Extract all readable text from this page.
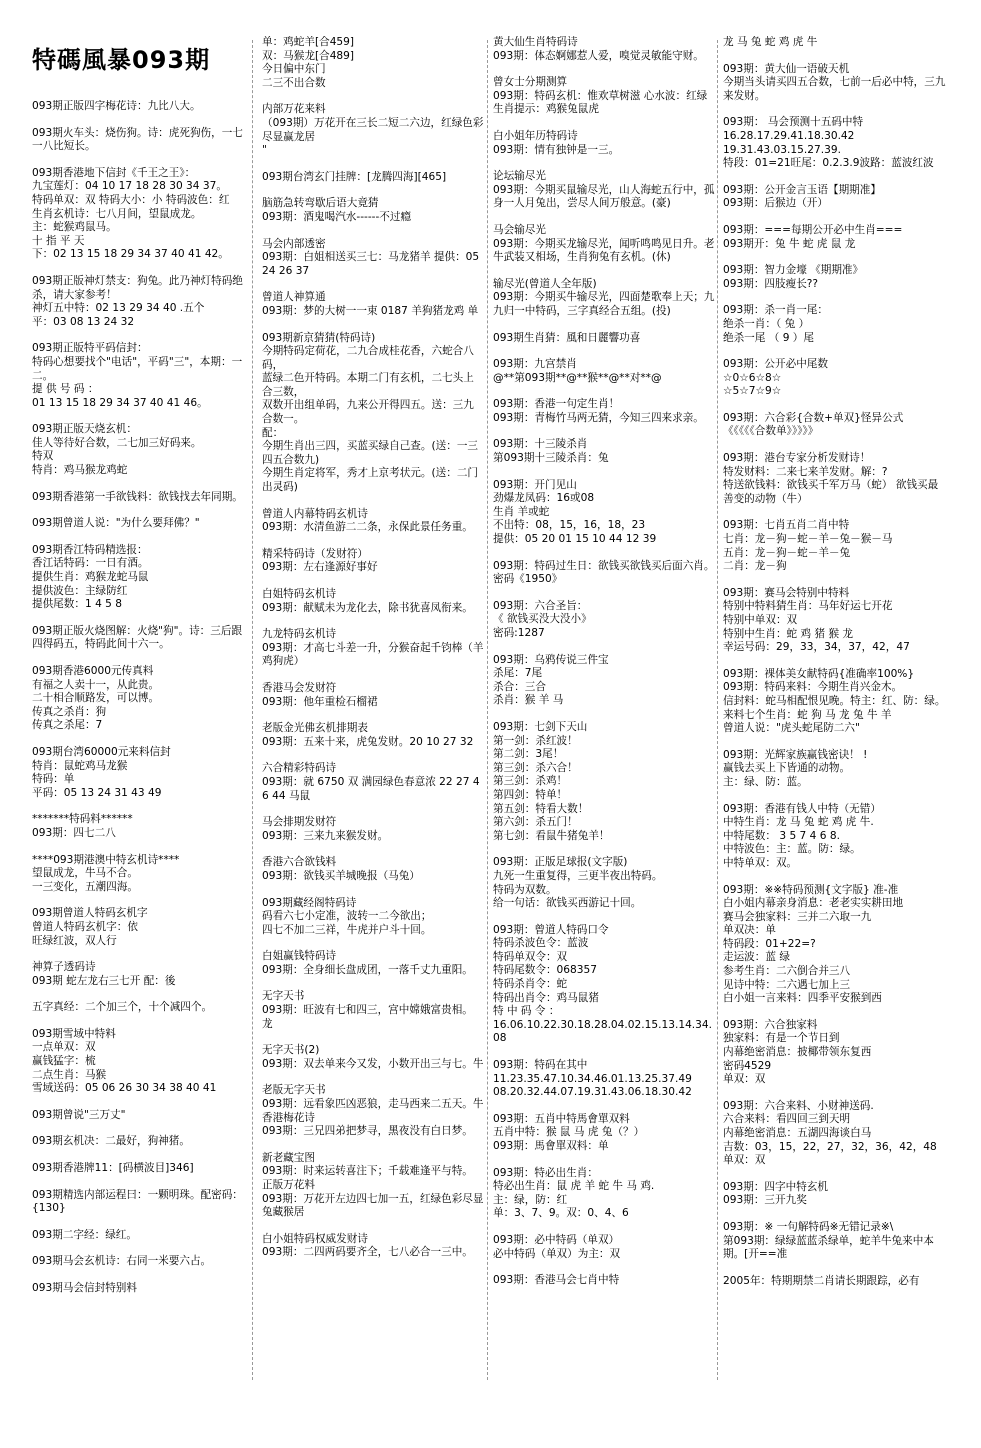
特碼風暴093期
093期正版四字梅花诗：九比八大。
093期火车头：烧伤狗。诗：虎死狗伤，一七一八比短长。
093期香港地下信封《千王之王》：
九宝莲灯：04 10 17 18 28 30 34 37。
特码单双：双 特码大小：小 特码波色：红
生肖玄机诗：七八月间，望鼠成龙。
主：蛇猴鸡鼠马。
十 指 平 天
下：02 13 15 18 29 34 37 40 41 42。
093期正版神灯禁支：狗兔。此乃神灯特码绝杀，请大家参考！
神灯五中特：02 13 29 34 40 .五个
平：03 08 13 24 32
093期正版特平码信封：
特码心想要找个"电话"，平码"三"，本期：一二。
提 供 号 码 ：
01 13 15 18 29 34 37 40 41 46。
093期正版天烧玄机：
佳人等待好合数，二七加三好码来。
特双
特肖：鸡马猴龙鸡蛇
093期香港第一手欲钱料：欲钱找去年同期。
093期曾道人说："为什么要拜佛？"
093期香江特码精选报：
香江话特码：一日有酒。
提供生肖：鸡猴龙蛇马鼠
提供波色：主绿防红
提供尾数：1 4 5 8
093期正版火烧图解：火烧"狗"。诗：三后跟四得码五，特码此间十六一。
093期香港6000元传真料
有福之人卖十一，从此贵。
二十相合顺路发，可以博。
传真之杀肖：狗
传真之杀尾：7
093期台湾60000元来料信封
特肖：鼠蛇鸡马龙猴
特码：单
平码：05 13 24 31 43 49
*******特码料******
093期：四七二八
****093期港澳中特玄机诗****
望鼠成龙，牛马不合。
一三变化，五潮四海。
093期曾道人特码玄机字
曾道人特码玄机字：依
旺绿红波，双人行
神算子透码诗
093期 蛇左龙右三七开 配：後
五字真经：二个加三个，十个减四个。
093期雪域中特料
一点单双：双
赢钱猛字：梳
二点生肖：马猴
雪域送码：05 06 26 30 34 38 40 41
093期曾说"三万丈"
093期玄机决：二最好，狗神猪。
093期香港牌11：[码横波目]346]
093期精选内部运程曰：一颗明珠。配密码：{130}
093期二字经：绿红。
093期马会玄机诗：右同一米要六占。
093期马会信封特别料
单：鸡蛇羊[合459]
双：马猴龙[合489]
今日偏中东门
二三不出合数
内部万花来料
（093期）万花开在三长二短二六边，红绿色彩尽显赢龙居
"
093期台湾玄门挂牌：[龙腾四海][465]
脑筋急转弯歇后语大竟猜
093期：酒鬼喝汽水------不过瘾
马会内部透密
093期：白姐相送买三七：马龙猪羊 提供：05 24 26 37
曾道人神算通
093期：梦的大树一一束 0187 羊狗猪龙鸡 单
093期新京猜猜(特码诗)
今期特码定荷花，二九合成桂花香，六蛇合八码，
蓝绿二色开特码。本期二门有玄机，二七头上合三数，
双数开出组单码，九来公开得四五。送：三九合数一。
配：
今期生肖出三四，买蓝买绿自己查。(送：一三四五合数九)
今期生肖定将军，秀才上京考状元。(送：二门出灵码)
曾道人内幕特码玄机诗
093期：水清鱼游二二条，永保此景任务重。
精采特码诗（发财符）
093期：左右逢源好事好
白姐特码玄机诗
093期：献赋未为龙化去，除书犹喜凤衔来。
九龙特码玄机诗
093期：才高七斗差一升，分猴奋起千钧棒（羊鸡狗虎）
香港马会发财符
093期：他年重检石榴裙
老版金光佛玄机排期表
093期：五来十来，虎兔发财。20 10 27 32
六合精彩特码诗
093期：就 6750 双 满园绿色春意浓 22 27 46 44 马鼠
马会排期发财符
093期：三来九来猴发财。
香港六合欲钱料
093期：欲钱买羊城晚报（马兔）
093期藏经阁特码诗
码看六七小定准，波转一二今欲出；
四七不加二三祥，牛虎并户斗十回。
白姐赢钱特码诗
093期：全身细长盘成团，一落千丈九重阳。
无字天书
093期：旺波有七和四三，宫中嫦娥富贵相。 龙
无字天书(2)
093期：双去单来今又发，小数开出三与七。牛
老版无字天书
093期：远看象匹凶恶狼，走马西来二五天。牛
香港梅花诗
093期：三兄四弟把梦寻，黑夜没有白日梦。
新老藏宝图
093期：时来运转喜注下；千载难逢平与特。
正版万花料
093期：万花开左边四七加一五，红绿色彩尽显兔藏猴居
白小姐特码权威发财诗
093期：二四两码要齐全，七八必合一三中。
黄大仙生肖特码诗
093期：体态婀娜惹人爱，嗅觉灵敏能守财。
曾女士分期测算
093期：特码玄机：惟欢草树滋 心水波：红绿 生肖提示：鸡猴兔鼠虎
白小姐年历特码诗
093期：情有独钟是一三。
论坛输尽光
093期：今期买鼠输尽光，山人海蛇五行中，孤身一人月兔出，尝尽人间万般意。(豪)
马会输尽光
093期：今期买龙输尽光，闻听鸣鸣见日升。老牛武装又相场，生肖狗兔有玄机。(休)
输尽光(曾道人全年版)
093期：今期买牛输尽光，四面楚歌奉上天；九九归一中特码，三字真经合五组。(投)
093期生肖猜：風和日麗響功喜
093期：九宫禁肖
@**第093期**@**猴**@**对**@
093期：香港一句定生肖！
093期：青梅竹马两无猜，今知三四来求亲。
093期：十三陵杀肖
第093期十三陵杀肖：兔
093期：开门见山
劲爆龙凤码：16或08
生肖 羊或蛇
不出特：08，15，16，18，23
提供：05 20 01 15 10 44 12 39
093期：特码过生日：欲钱买欲钱买后面六肖。
密码《1950》
093期：六合圣旨：
《 欲钱买没大没小》
密码:1287
093期：乌鸦传说三件宝
杀尾：7尾
杀合：三合
杀肖：猴 羊 马
093期：七剑下天山
第一剑：杀红波！
第二剑：3尾！
第三剑：杀六合！
第三剑：杀鸡！
第四剑：特单！
第五剑：特看大数！
第六剑：杀五门！
第七剑：看鼠牛猪兔羊！
093期：正版足球报(文字版)
九死一生重复得，三更半夜出特码。
特码为双数。
给一句话：欲钱买西游记十回。
093期：曾道人特码口令
特码杀波色令：蓝波
特码单双令：双
特码尾数令：068357
特码杀肖令：蛇
特码出肖令：鸡马鼠猪
特 中 码 令 ：
16.06.10.22.30.18.28.04.02.15.13.14.34.08
093期：特码在其中
11.23.35.47.10.34.46.01.13.25.37.49
08.20.32.44.07.19.31.43.06.18.30.42
093期：五肖中特馬會單双料
五肖中特：猴 鼠 马 虎 兔（？）
093期：馬會單双料：单
093期：特必出生肖：
特必出生肖：鼠 虎 羊 蛇 牛 马 鸡.
主：绿，防：红
单：3、7、9。双：0、4、6
093期：必中特码（单双）
必中特码（单双）为主：双
093期：香港马会七肖中特
龙 马 兔 蛇 鸡 虎 牛
093期：黄大仙一语破天机
今期当头请买四五合数，七前一后必中特，三九来发财。
093期： 马会预测十五码中特
16.28.17.29.41.18.30.42
19.31.43.03.15.27.39.
特段：01=21旺尾：0.2.3.9波路：蓝波红波
093期：公开金言玉语【期期准】
093期：后猴边（开）
093期：===每期公开必中生肖===
093期开：兔 牛 蛇 虎 鼠 龙
093期：智力金壕 《期期准》
093期：四肢瘦长??
093期：杀一肖一尾：
绝杀一肖：（ 兔 ）
绝杀一尾 （ 9 ）尾
093期：公开必中尾数
☆0☆6☆8☆
☆5☆7☆9☆
093期：六合彩{合数+单双}怪异公式
《《《《《合数单》》》》》
093期：港台专家分析发财诗！
特发财料：二来七来羊发财。解：?
特送欲钱料：欲钱买千军万马（蛇） 欲钱买最善变的动物（牛）
093期：七肖五肖二肖中特
七肖：龙－狗－蛇－羊－兔－猴－马
五肖：龙－狗－蛇－羊－兔
二肖：龙－狗
093期：赛马会特别中特料
特别中特料猜生肖：马年好运七开花
特别中单双：双
特别中生肖：蛇 鸡 猪 猴 龙
幸运号码：29，33，34，37，42，47
093期：裸体美女献特码{准确率100%}
093期：特码来料：今期生肖兴金木。
信封料：蛇马相配恨见晚。特主：红、防：绿。
来料七个生肖：蛇 狗 马 龙 兔 牛 羊
曾道人说："虎头蛇尾防二六"
093期：光辉家族赢钱密诀！ !
赢钱去买上下皆通的动物。
主：绿、防：蓝。
093期：香港有钱人中特（无错）
中特生肖：龙 马 兔 蛇 鸡 虎 牛.
中特尾数： 3 5 7 4 6 8.
中特波色：主：蓝。防：绿。
中特单双：双。
093期：※※特码预测{文字版} 准-准
白小姐内幕亲身消息：老老实实耕田地
赛马会独家料：三并二六取一九
单双决：单
特码段：01+22=?
走运波：蓝 绿
参考生肖：二六倒合并三八
见诗中特：二六遇七加上三
白小姐一言来料：四季平安猴到西
093期：六合独家料
独家料：有是一个节日到
内幕绝密消息：披椰带领东复西
密码4529
单双：双
093期：六合来料、小财神送码.
六合来料：看四回三到天明
内幕绝密消息：五湖四海谈白马
吉数：03，15，22，27，32，36，42，48
单双：双
093期：四字中特玄机
093期：三开九奖
093期：※ 一句解特码※无错记录※\
第093期：绿绿蓝蓝杀绿单，蛇羊牛兔来中本期。[开==准
2005年：特期期禁二肖请长期跟踪，必有
